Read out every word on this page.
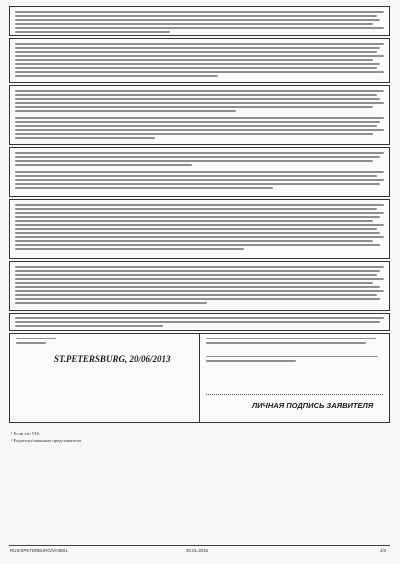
ST.PETERSBURG, 20/06/2013
ЛИЧНАЯ ПОДПИСЬ ЗАЯВИТЕЛЯ
¹ Если это VIS.
² Родители/законные представители.
RUS/SPETERBURG/VAIIB01	30.01.2015	4/4
